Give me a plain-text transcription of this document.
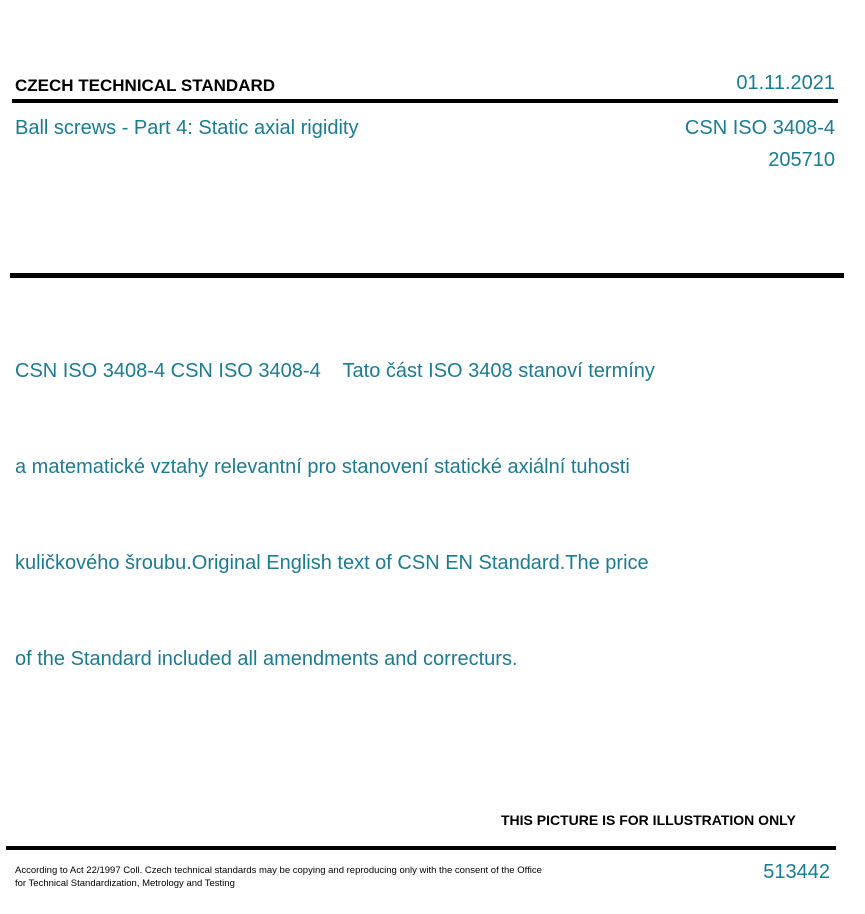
CZECH TECHNICAL STANDARD	01.11.2021
Ball screws - Part 4: Static axial rigidity	CSN ISO 3408-4
205710

CSN ISO 3408-4 CSN ISO 3408-4    Tato část ISO 3408 stanoví termíny

a matematické vztahy relevantní pro stanovení statické axiální tuhosti

kuličkového šroubu.Original English text of CSN EN Standard.The price

of the Standard included all amendments and correcturs.

THIS PICTURE IS FOR ILLUSTRATION ONLY
According to Act 22/1997 Coll. Czech technical standards may be copying and reproducing only with the consent of the Office
for Technical Standardization, Metrology and Testing
513442
